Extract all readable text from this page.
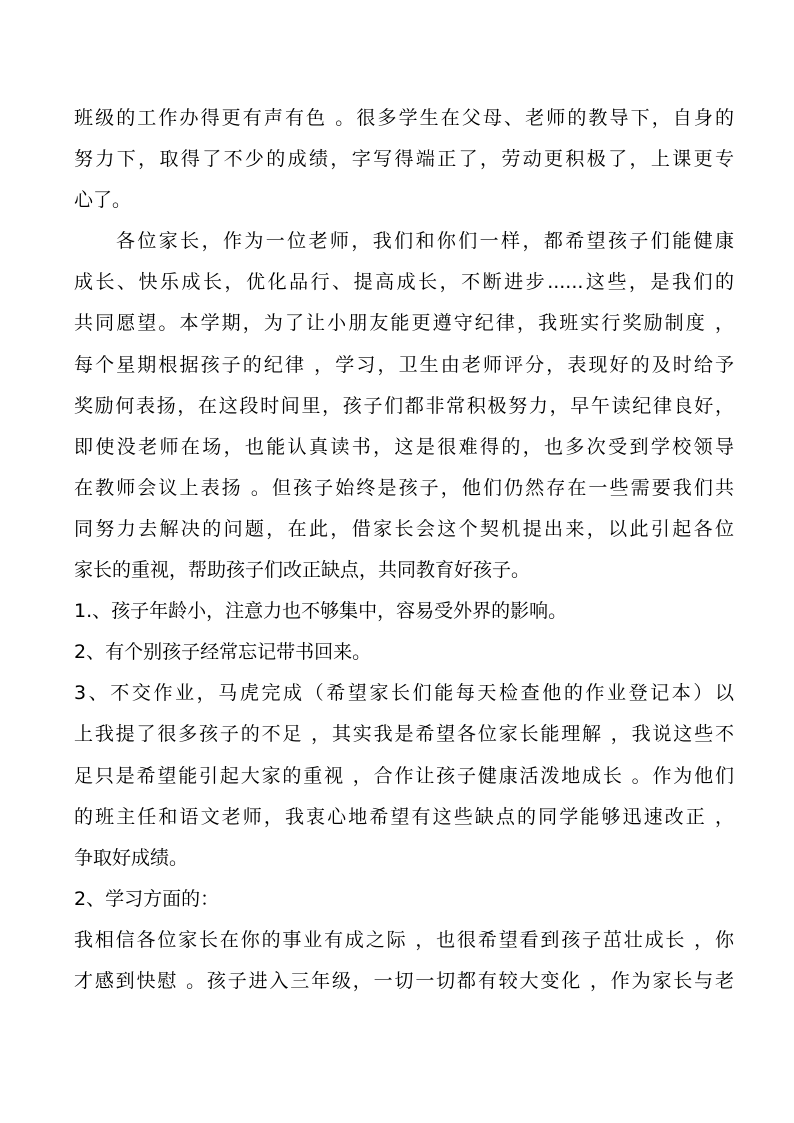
班级的工作办得更有声有色 。很多学生在父母、老师的教导下，自身的
努力下，取得了不少的成绩，字写得端正了，劳动更积极了，上课更专
心了。
各位家长，作为一位老师，我们和你们一样，都希望孩子们能健康
成长、快乐成长，优化品行、提高成长，不断进步......这些，是我们的
共同愿望。本学期，为了让小朋友能更遵守纪律，我班实行奖励制度 ，
每个星期根据孩子的纪律 ，学习，卫生由老师评分，表现好的及时给予
奖励何表扬，在这段时间里，孩子们都非常积极努力，早午读纪律良好，
即使没老师在场，也能认真读书，这是很难得的，也多次受到学校领导
在教师会议上表扬 。但孩子始终是孩子，他们仍然存在一些需要我们共
同努力去解决的问题，在此，借家长会这个契机提出来，以此引起各位
家长的重视，帮助孩子们改正缺点，共同教育好孩子。
1.、孩子年龄小，注意力也不够集中，容易受外界的影响。
2、有个别孩子经常忘记带书回来。
3、不交作业，马虎完成（希望家长们能每天检查他的作业登记本）以
上我提了很多孩子的不足 ，其实我是希望各位家长能理解 ，我说这些不
足只是希望能引起大家的重视 ，合作让孩子健康活泼地成长 。作为他们
的班主任和语文老师，我衷心地希望有这些缺点的同学能够迅速改正 ，
争取好成绩。
2、学习方面的：
我相信各位家长在你的事业有成之际 ，也很希望看到孩子茁壮成长 ，你
才感到快慰 。孩子进入三年级，一切一切都有较大变化 ，作为家长与老
